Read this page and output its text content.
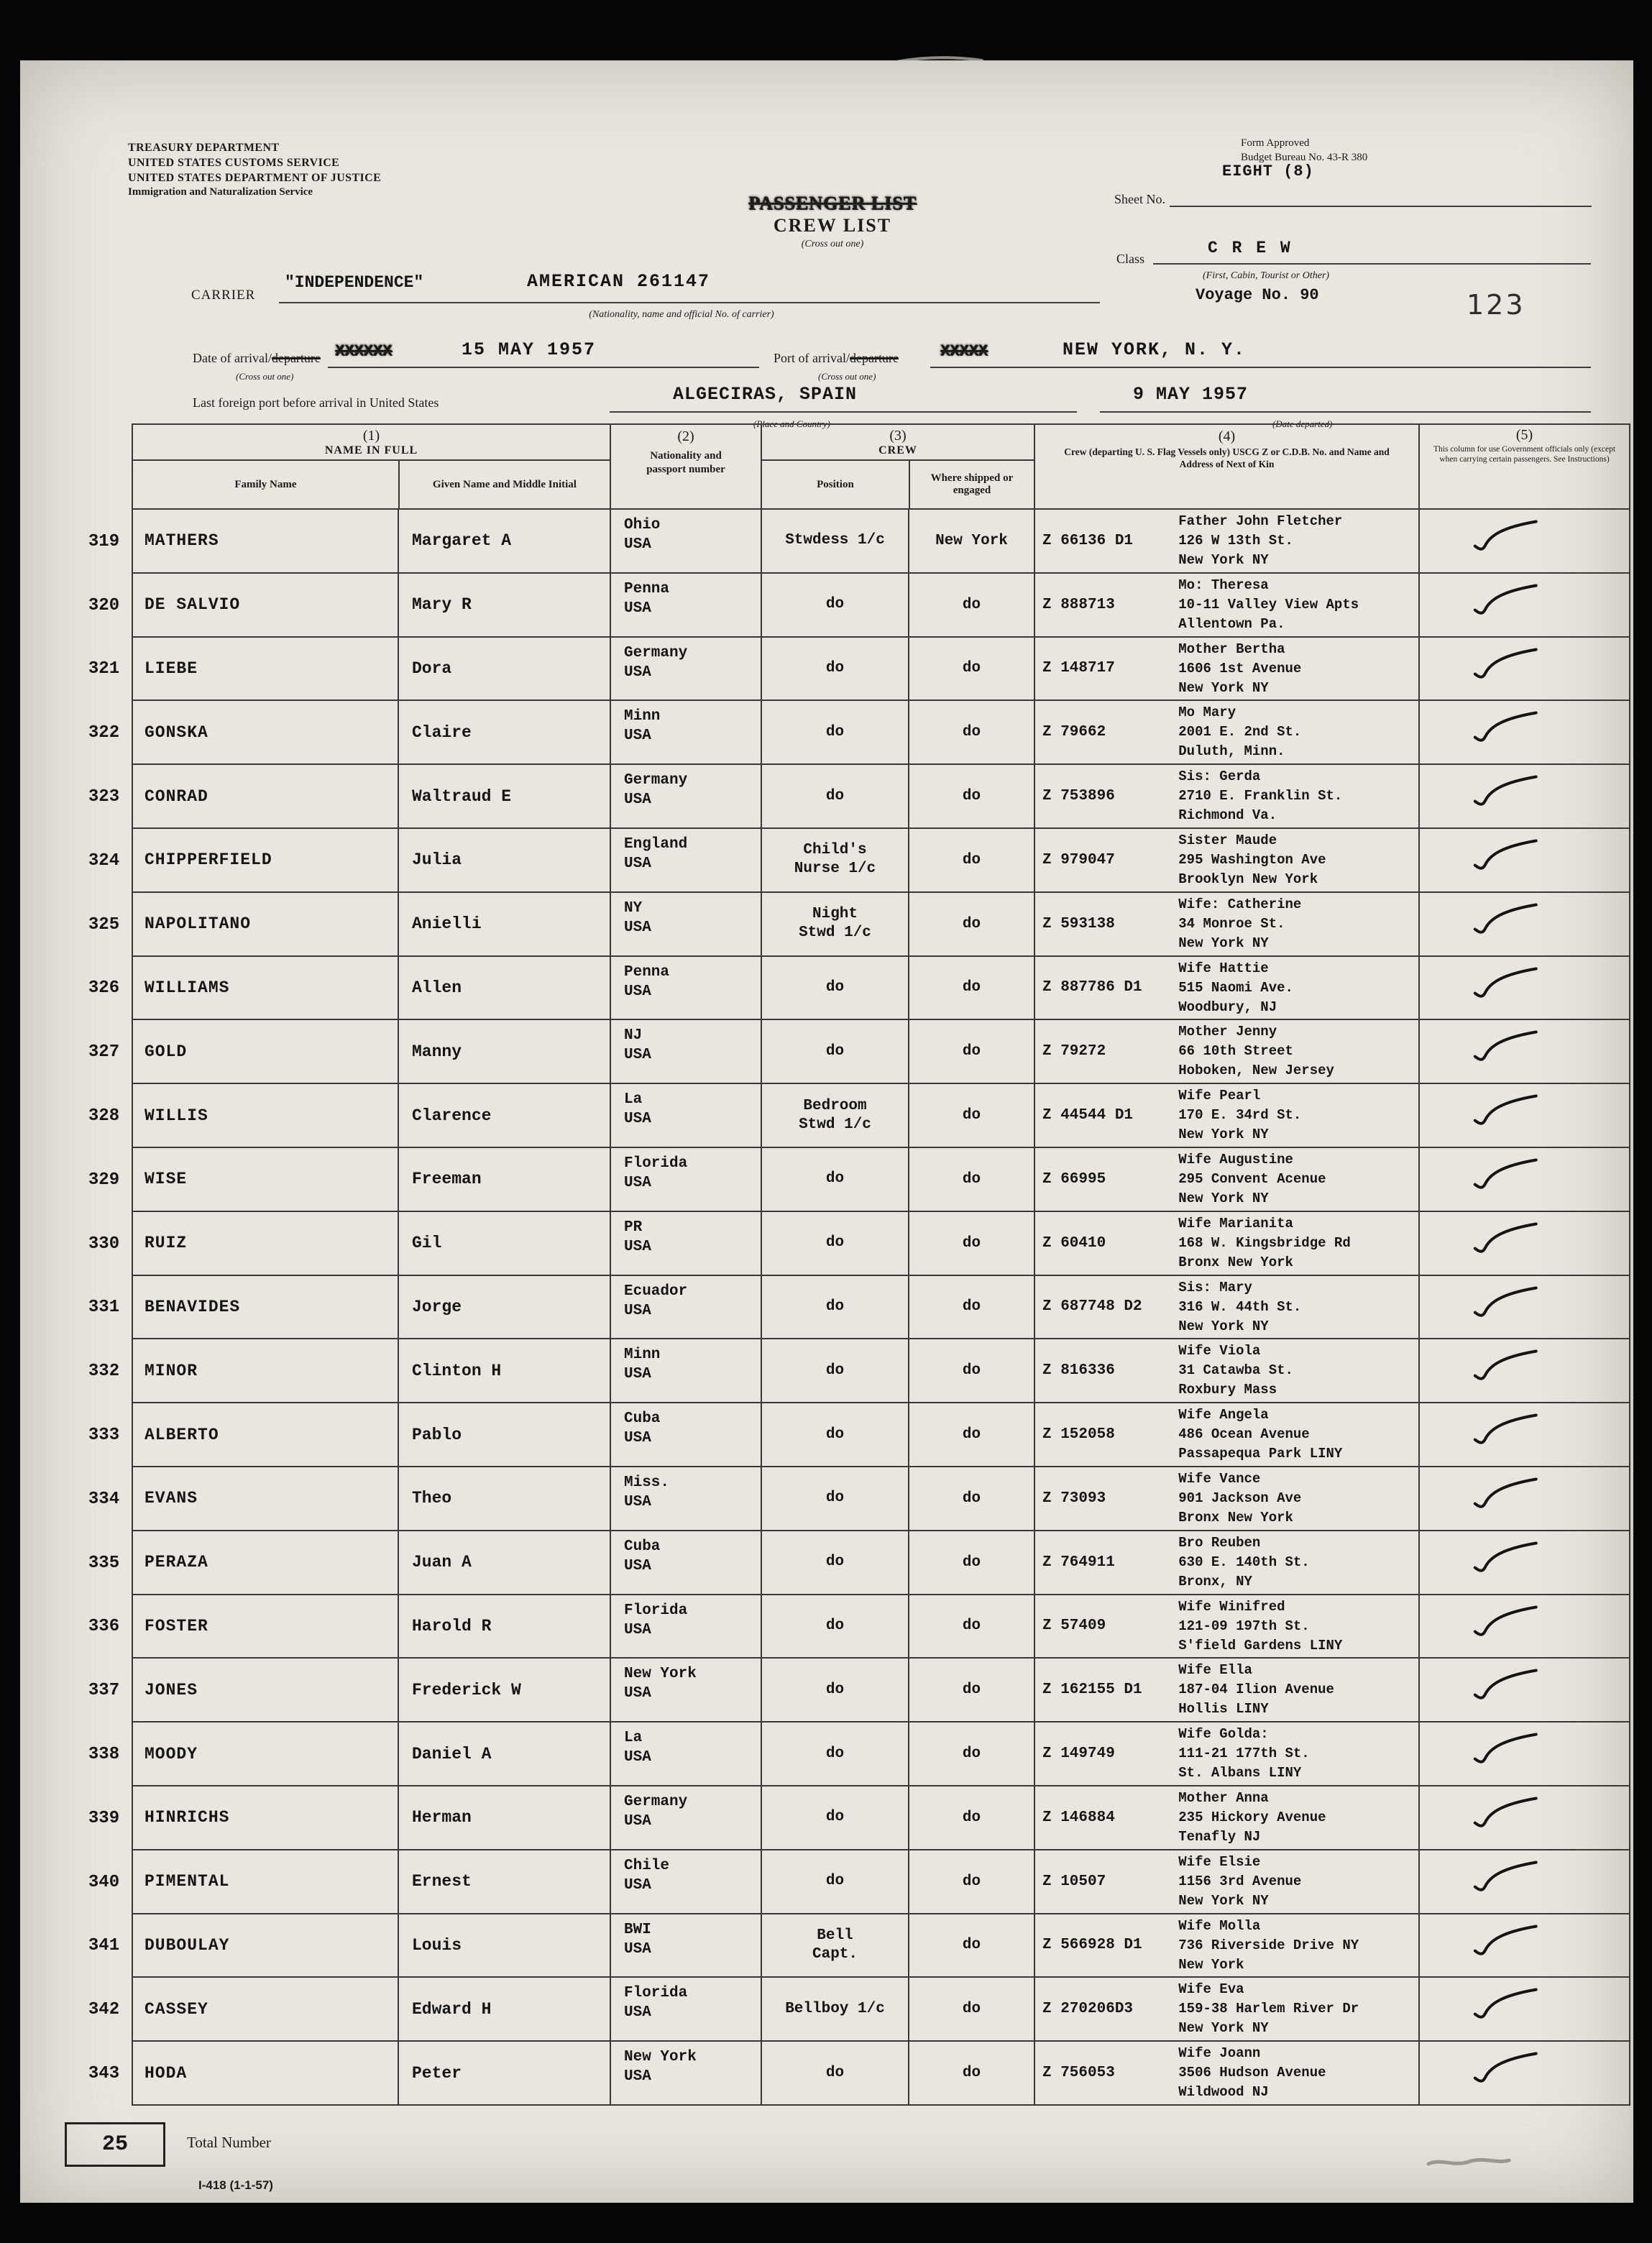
TREASURY DEPARTMENT
UNITED STATES CUSTOMS SERVICE
UNITED STATES DEPARTMENT OF JUSTICE
Immigration and Naturalization Service
Form Approved
Budget Bureau No. 43-R 380
EIGHT (8)
Sheet No.
PASSENGER LIST
CREW LIST
(Cross out one)
Class
C R E W
(First, Cabin, Tourist or Other)
CARRIER
"INDEPENDENCE"	AMERICAN 261147
(Nationality, name and official No. of carrier)
Voyage No. 90	123
Date of arrival/departure
(Cross out one)
XXXXXX	15 MAY 1957	Port of arrival/departure
(Cross out one)
XXXXX	NEW YORK, N. Y.
Last foreign port before arrival in United States	ALGECIRAS, SPAIN
(Place and Country)
9 MAY 1957
(Date departed)
(1)
NAME IN FULL
Family Name	Given Name and Middle Initial
(2)
Nationality and passport number
(3)
CREW
Position
Where shipped or engaged
(4)
Crew (departing U. S. Flag Vessels only) USCG Z or C.D.B. No. and Name and Address of Next of Kin
(5)
This column for use Government officials only (except when carrying certain passengers. See Instructions)
319	MATHERS	Margaret A
Ohio
USA	Stwdess 1/c	New York	Z 66136 D1
Father John Fletcher
126 W 13th St.
New York NY
320	DE SALVIO	Mary R
Penna
USA	do	do	Z 888713
Mo: Theresa
10-11 Valley View Apts
Allentown Pa.
321	LIEBE	Dora
Germany
USA	do	do	Z 148717
Mother Bertha
1606 1st Avenue
New York NY
322	GONSKA	Claire
Minn
USA	do	do	Z 79662
Mo Mary
2001 E. 2nd St.
Duluth, Minn.
323	CONRAD	Waltraud E
Germany
USA	do	do	Z 753896
Sis: Gerda
2710 E. Franklin St.
Richmond Va.
324	CHIPPERFIELD	Julia
England
USA
Child's
Nurse 1/c
do	Z 979047
Sister Maude
295 Washington Ave
Brooklyn New York
325	NAPOLITANO	Anielli
NY
USA
Night
Stwd 1/c
do	Z 593138
Wife: Catherine
34 Monroe St.
New York NY
326	WILLIAMS	Allen
Penna
USA	do	do	Z 887786 D1
Wife Hattie
515 Naomi Ave.
Woodbury, NJ
327	GOLD	Manny
NJ
USA	do	do	Z 79272
Mother Jenny
66 10th Street
Hoboken, New Jersey
328	WILLIS	Clarence
La
USA
Bedroom
Stwd 1/c
do	Z 44544 D1
Wife Pearl
170 E. 34rd St.
New York NY
329	WISE	Freeman
Florida
USA	do	do	Z 66995
Wife Augustine
295 Convent Acenue
New York NY
330	RUIZ	Gil
PR
USA	do	do	Z 60410
Wife Marianita
168 W. Kingsbridge Rd
Bronx New York
331	BENAVIDES	Jorge
Ecuador
USA	do	do	Z 687748 D2
Sis: Mary
316 W. 44th St.
New York NY
332	MINOR	Clinton H
Minn
USA	do	do	Z 816336
Wife Viola
31 Catawba St.
Roxbury Mass
333	ALBERTO	Pablo
Cuba
USA	do	do	Z 152058
Wife Angela
486 Ocean Avenue
Passapequa Park LINY
334	EVANS	Theo
Miss.
USA	do	do	Z 73093
Wife Vance
901 Jackson Ave
Bronx New York
335	PERAZA	Juan A
Cuba
USA	do	do	Z 764911
Bro Reuben
630 E. 140th St.
Bronx, NY
336	FOSTER	Harold R
Florida
USA	do	do	Z 57409
Wife Winifred
121-09 197th St.
S'field Gardens LINY
337	JONES	Frederick W
New York
USA	do	do	Z 162155 D1
Wife Ella
187-04 Ilion Avenue
Hollis LINY
338	MOODY	Daniel A
La
USA	do	do	Z 149749
Wife Golda:
111-21 177th St.
St. Albans LINY
339	HINRICHS	Herman
Germany
USA	do	do	Z 146884
Mother Anna
235 Hickory Avenue
Tenafly NJ
340	PIMENTAL	Ernest
Chile
USA	do	do	Z 10507
Wife Elsie
1156 3rd Avenue
New York NY
341	DUBOULAY	Louis
BWI
USA
Bell
Capt.
do	Z 566928 D1
Wife Molla
736 Riverside Drive NY
New York
342	CASSEY	Edward H
Florida
USA	Bellboy 1/c	do	Z 270206D3
Wife Eva
159-38 Harlem River Dr
New York NY
343	HODA	Peter
New York
USA	do	do	Z 756053
Wife Joann
3506 Hudson Avenue
Wildwood NJ
25	Total Number
I-418 (1-1-57)
